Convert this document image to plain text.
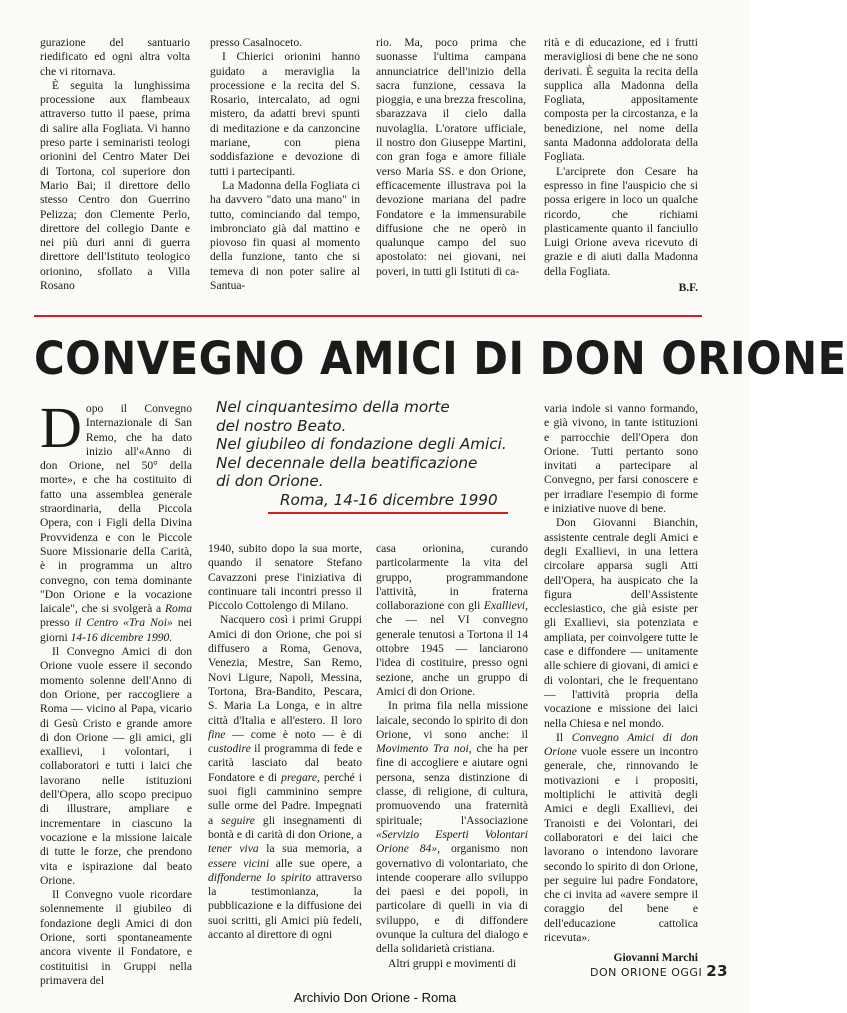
gurazione del santuario riedificato ed ogni altra volta che vi ritornava.

È seguita la lunghissima processione aux flambeaux attraverso tutto il paese, prima di salire alla Fogliata. Vi hanno preso parte i seminaristi teologi orionini del Centro Mater Dei di Tortona, col superiore don Mario Bai; il direttore dello stesso Centro don Guerrino Pelizza; don Clemente Perlo, direttore del collegio Dante e nei più duri anni di guerra direttore dell'Istituto teologico orionino, sfollato a Villa Rosano

presso Casalnoceto.

I Chierici orionini hanno guidato a meraviglia la processione e la recita del S. Rosario, intercalato, ad ogni mistero, da adatti brevi spunti di meditazione e da canzoncine mariane, con piena soddisfazione e devozione di tutti i partecipanti.

La Madonna della Fogliata ci ha davvero "dato una mano" in tutto, cominciando dal tempo, imbronciato già dal mattino e piovoso fin quasi al momento della funzione, tanto che si temeva di non poter salire al Santua-

rio. Ma, poco prima che suonasse l'ultima campana annunciatrice dell'inizio della sacra funzione, cessava la pioggia, e una brezza frescolina, sbarazzava il cielo dalla nuvolaglia. L'oratore ufficiale, il nostro don Giuseppe Martini, con gran foga e amore filiale verso Maria SS. e don Orione, efficacemente illustrava poi la devozione mariana del padre Fondatore e la immensurabile diffusione che ne operò in qualunque campo del suo apostolato: nei giovani, nei poveri, in tutti gli Istituti di ca-

rità e di educazione, ed i frutti meravigliosi di bene che ne sono derivati. È seguita la recita della supplica alla Madonna della Fogliata, appositamente composta per la circostanza, e la benedizione, nel nome della santa Madonna addolorata della Fogliata.

L'arciprete don Cesare ha espresso in fine l'auspicio che si possa erigere in loco un qualche ricordo, che richiami plasticamente quanto il fanciullo Luigi Orione aveva ricevuto di grazie e di aiuti dalla Madonna della Fogliata.

B.F.
CONVEGNO AMICI DI DON ORIONE
Nel cinquantesimo della morte
del nostro Beato.
Nel giubileo di fondazione degli Amici.
Nel decennale della beatificazione
di don Orione.
Roma, 14-16 dicembre 1990

Dopo il Convegno Internazionale di San Remo, che ha dato inizio all'«Anno di don Orione, nel 50° della morte», e che ha costituito di fatto una assemblea generale straordinaria, della Piccola Opera, con i Figli della Divina Provvidenza e con le Piccole Suore Missionarie della Carità, è in programma un altro convegno, con tema dominante "Don Orione e la vocazione laicale", che si svolgerà a Roma presso il Centro «Tra Noi» nei giorni 14-16 dicembre 1990.

Il Convegno Amici di don Orione vuole essere il secondo momento solenne dell'Anno di don Orione, per raccogliere a Roma — vicino al Papa, vicario di Gesù Cristo e grande amore di don Orione — gli amici, gli exallievi, i volontari, i collaboratori e tutti i laici che lavorano nelle istituzioni dell'Opera, allo scopo precipuo di illustrare, ampliare e incrementare in ciascuno la vocazione e la missione laicale di tutte le forze, che prendono vita e ispirazione dal beato Orione.

Il Convegno vuole ricordare solennemente il giubileo di fondazione degli Amici di don Orione, sorti spontaneamente ancora vivente il Fondatore, e costituitisi in Gruppi nella primavera del

1940, subito dopo la sua morte, quando il senatore Stefano Cavazzoni prese l'iniziativa di continuare tali incontri presso il Piccolo Cottolengo di Milano.

Nacquero così i primi Gruppi Amici di don Orione, che poi si diffusero a Roma, Genova, Venezia, Mestre, San Remo, Novi Ligure, Napoli, Messina, Tortona, Bra-Bandito, Pescara, S. Maria La Longa, e in altre città d'Italia e all'estero. Il loro fine — come è noto — è di custodire il programma di fede e carità lasciato dal beato Fondatore e di pregare, perché i suoi figli camminino sempre sulle orme del Padre. Impegnati a seguire gli insegnamenti di bontà e di carità di don Orione, a tener viva la sua memoria, a essere vicini alle sue opere, a diffonderne lo spirito attraverso la testimonianza, la pubblicazione e la diffusione dei suoi scritti, gli Amici più fedeli, accanto al direttore di ogni

casa orionina, curando particolarmente la vita del gruppo, programmandone l'attività, in fraterna collaborazione con gli Exallievi, che — nel VI convegno generale tenutosi a Tortona il 14 ottobre 1945 — lanciarono l'idea di costituire, presso ogni sezione, anche un gruppo di Amici di don Orione.

In prima fila nella missione laicale, secondo lo spirito di don Orione, vi sono anche: il Movimento Tra noi, che ha per fine di accogliere e aiutare ogni persona, senza distinzione di classe, di religione, di cultura, promuovendo una fraternità spirituale; l'Associazione «Servizio Esperti Volontari Orione 84», organismo non governativo di volontariato, che intende cooperare allo sviluppo dei paesi e dei popoli, in particolare di quelli in via di sviluppo, e di diffondere ovunque la cultura del dialogo e della solidarietà cristiana.

Altri gruppi e movimenti di

varia indole si vanno formando, e già vivono, in tante istituzioni e parrocchie dell'Opera don Orione. Tutti pertanto sono invitati a partecipare al Convegno, per farsi conoscere e per irradiare l'esempio di forme e iniziative nuove di bene.

Don Giovanni Bianchin, assistente centrale degli Amici e degli Exallievi, in una lettera circolare apparsa sugli Atti dell'Opera, ha auspicato che la figura dell'Assistente ecclesiastico, che già esiste per gli Exallievi, sia potenziata e ampliata, per coinvolgere tutte le case e diffondere — unitamente alle schiere di giovani, di amici e di volontari, che le frequentano — l'attività propria della vocazione e missione dei laici nella Chiesa e nel mondo.

Il Convegno Amici di don Orione vuole essere un incontro generale, che, rinnovando le motivazioni e i propositi, moltiplichi le attività degli Amici e degli Exallievi, dei Tranoisti e dei Volontari, dei collaboratori e dei laici che lavorano o intendono lavorare secondo lo spirito di don Orione, per seguire lui padre Fondatore, che ci invita ad «avere sempre il coraggio del bene e dell'educazione cattolica ricevuta».

Giovanni Marchi
DON ORIONE OGGI 23
Archivio Don Orione - Roma
